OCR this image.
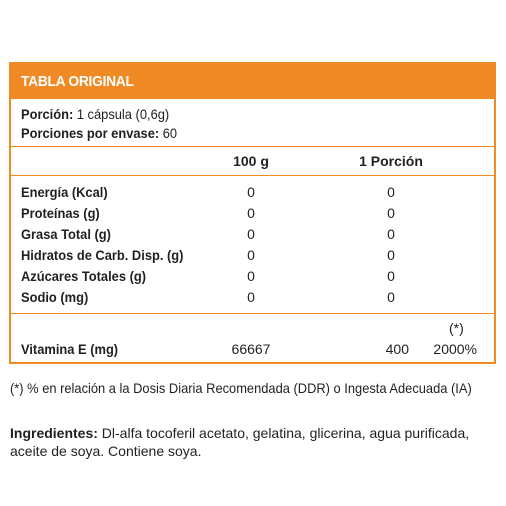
TABLA ORIGINAL
Porción: 1 cápsula (0,6g)
Porciones por envase: 60
100 g	1 Porción
Energía (Kcal)	0	0
Proteínas (g)	0	0
Grasa Total (g)	0	0
Hidratos de Carb. Disp. (g)	0	0
Azúcares Totales (g)	0	0
Sodio (mg)	0	0
(*)
Vitamina E (mg)	66667	400	2000%
(*) % en relación a la Dosis Diaria Recomendada (DDR) o Ingesta Adecuada (IA)
Ingredientes: Dl-alfa tocoferil acetato, gelatina, glicerina, agua purificada, aceite de soya. Contiene soya.
